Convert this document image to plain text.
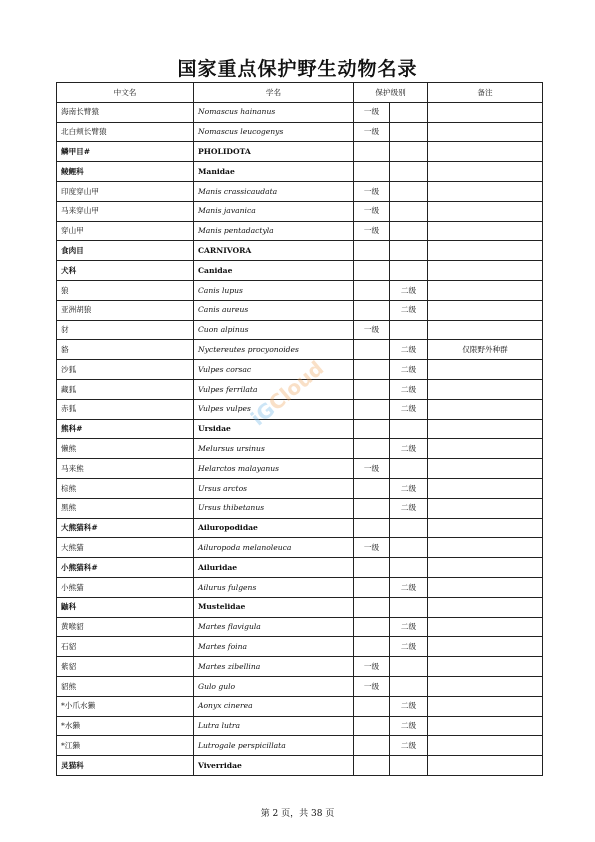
国家重点保护野生动物名录
中文名	学名	保护级别		备注
海南长臂猿	Nomascus hainanus	一级		
北白颊长臂猿	Nomascus leucogenys	一级		
鳞甲目#	PHOLIDOTA			
鲮鲤科	Manidae			
印度穿山甲	Manis crassicaudata	一级		
马来穿山甲	Manis javanica	一级		
穿山甲	Manis pentadactyla	一级		
食肉目	CARNIVORA			
犬科	Canidae			
狼	Canis lupus		二级	
亚洲胡狼	Canis aureus		二级	
豺	Cuon alpinus	一级		
貉	Nyctereutes procyonoides		二级	仅限野外种群
沙狐	Vulpes corsac		二级	
藏狐	Vulpes ferrilata		二级	
赤狐	Vulpes vulpes		二级	
熊科#	Ursidae			
懒熊	Melursus ursinus		二级	
马来熊	Helarctos malayanus	一级		
棕熊	Ursus arctos		二级	
黑熊	Ursus thibetanus		二级	
大熊猫科#	Ailuropodidae			
大熊猫	Ailuropoda melanoleuca	一级		
小熊猫科#	Ailuridae			
小熊猫	Ailurus fulgens		二级	
鼬科	Mustelidae			
黄喉貂	Martes flavigula		二级	
石貂	Martes foina		二级	
紫貂	Martes zibellina	一级		
貂熊	Gulo gulo	一级		
*小爪水獭	Aonyx cinerea		二级	
*水獭	Lutra lutra		二级	
*江獭	Lutrogale perspicillata		二级	
灵猫科	Viverridae			
iGCloud
第 2 页，共 38 页
